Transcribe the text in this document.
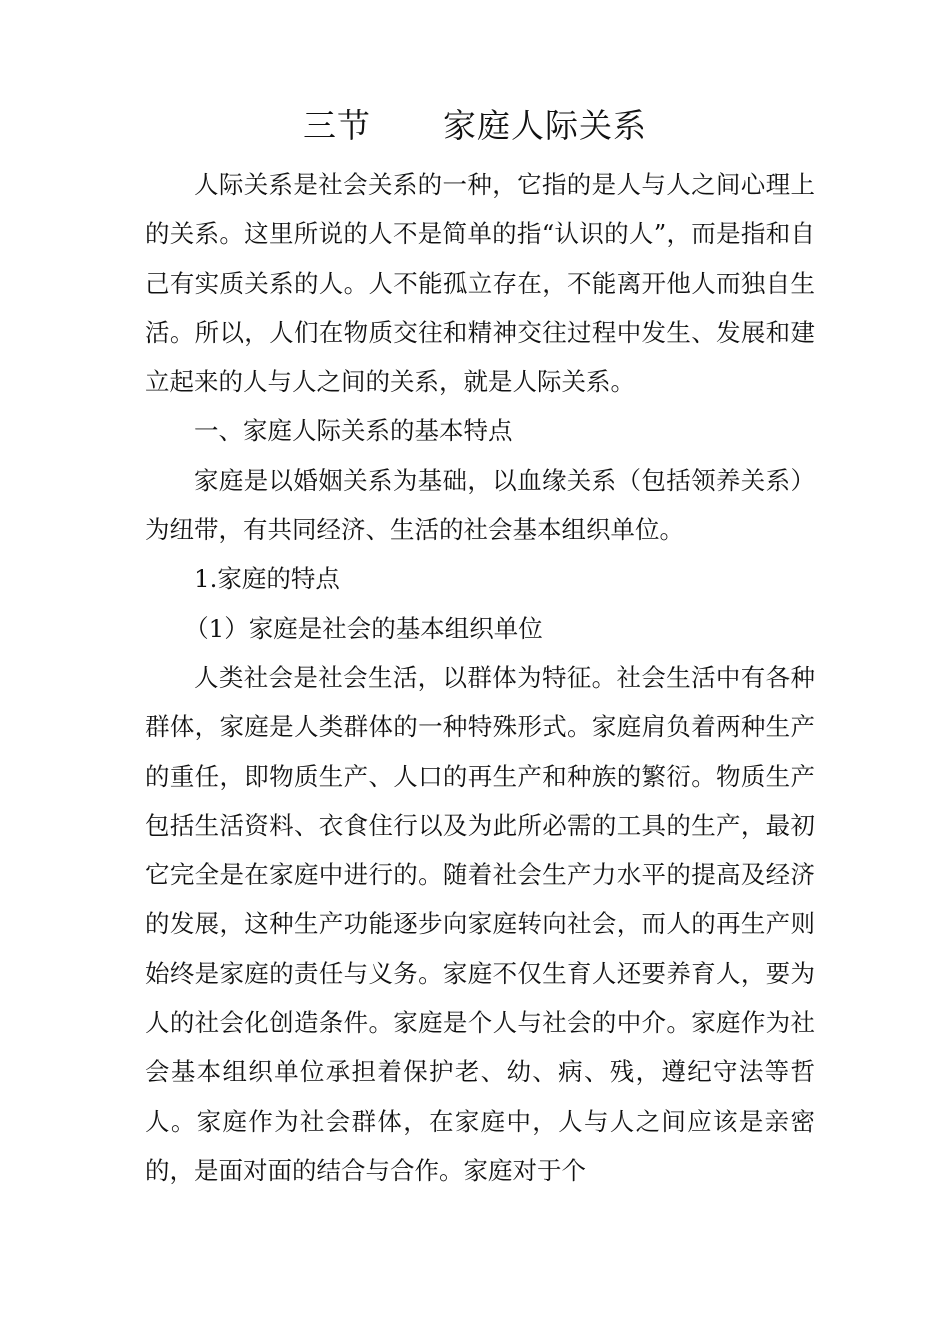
三节 家庭人际关系

人际关系是社会关系的一种，它指的是人与人之间心理上的关系。这里所说的人不是简单的指“认识的人”，而是指和自己有实质关系的人。人不能孤立存在，不能离开他人而独自生活。所以，人们在物质交往和精神交往过程中发生、发展和建立起来的人与人之间的关系，就是人际关系。

一、家庭人际关系的基本特点

家庭是以婚姻关系为基础，以血缘关系（包括领养关系）为纽带，有共同经济、生活的社会基本组织单位。

1.家庭的特点

（1）家庭是社会的基本组织单位

人类社会是社会生活，以群体为特征。社会生活中有各种群体，家庭是人类群体的一种特殊形式。家庭肩负着两种生产的重任，即物质生产、人口的再生产和种族的繁衍。物质生产包括生活资料、衣食住行以及为此所必需的工具的生产，最初它完全是在家庭中进行的。随着社会生产力水平的提高及经济的发展，这种生产功能逐步向家庭转向社会，而人的再生产则始终是家庭的责任与义务。家庭不仅生育人还要养育人，要为人的社会化创造条件。家庭是个人与社会的中介。家庭作为社会基本组织单位承担着保护老、幼、病、残，遵纪守法等哲人。家庭作为社会群体，在家庭中，人与人之间应该是亲密的，是面对面的结合与合作。家庭对于个
